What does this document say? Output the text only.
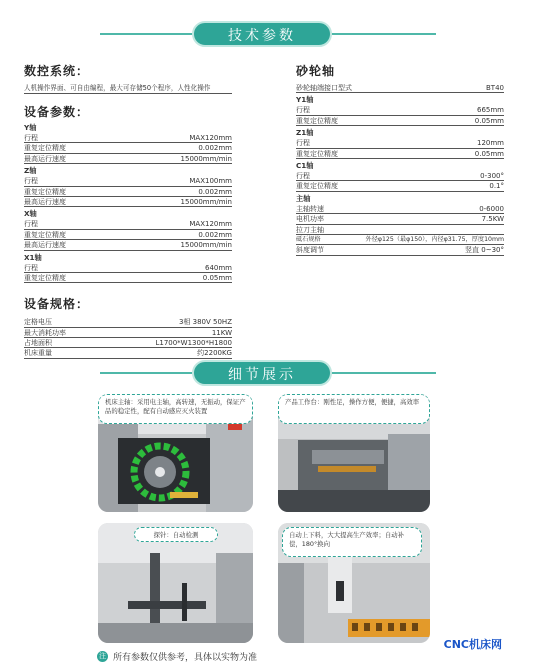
技术参数
数控系统：
人机操作界面、可自由编程，最大可存储50个程序，人性化操作
设备参数：
Y轴
行程	MAX120mm
重复定位精度	0.002mm
最高运行速度	15000mm/min
Z轴
行程	MAX100mm
重复定位精度	0.002mm
最高运行速度	15000mm/min
X轴
行程	MAX120mm
重复定位精度	0.002mm
最高运行速度	15000mm/min
X1轴
行程	640mm
重复定位精度	0.05mm
设备规格：
定格电压	3相 380V 50HZ
最大消耗功率	11KW
占地面积	L1700*W1300*H1800
机床重量	约2200KG
砂轮轴
砂轮轴端接口型式	BT40
Y1轴
行程	665mm
重复定位精度	0.05mm
Z1轴
行程	120mm
重复定位精度	0.05mm
C1轴
行程	0-300°
重复定位精度	0.1°
主轴
主轴转速	0-6000
电机功率	7.5KW
拉刀主轴
砥石规格	外径φ125（最φ150），内径φ31.75，厚度10mm
斜度调节	竖直 0~30°
细节展示
机床主轴：采用电主轴，高转速，无振动，保证产品的稳定性，配有自动感应灭火装置
产品工作台：刚性足，操作方便，便捷，高效率
探针：自动检测	自动上下料，大大提高生产效率；自动补偿，180°换向
注 所有参数仅供参考，具体以实物为准
CNC机床网
